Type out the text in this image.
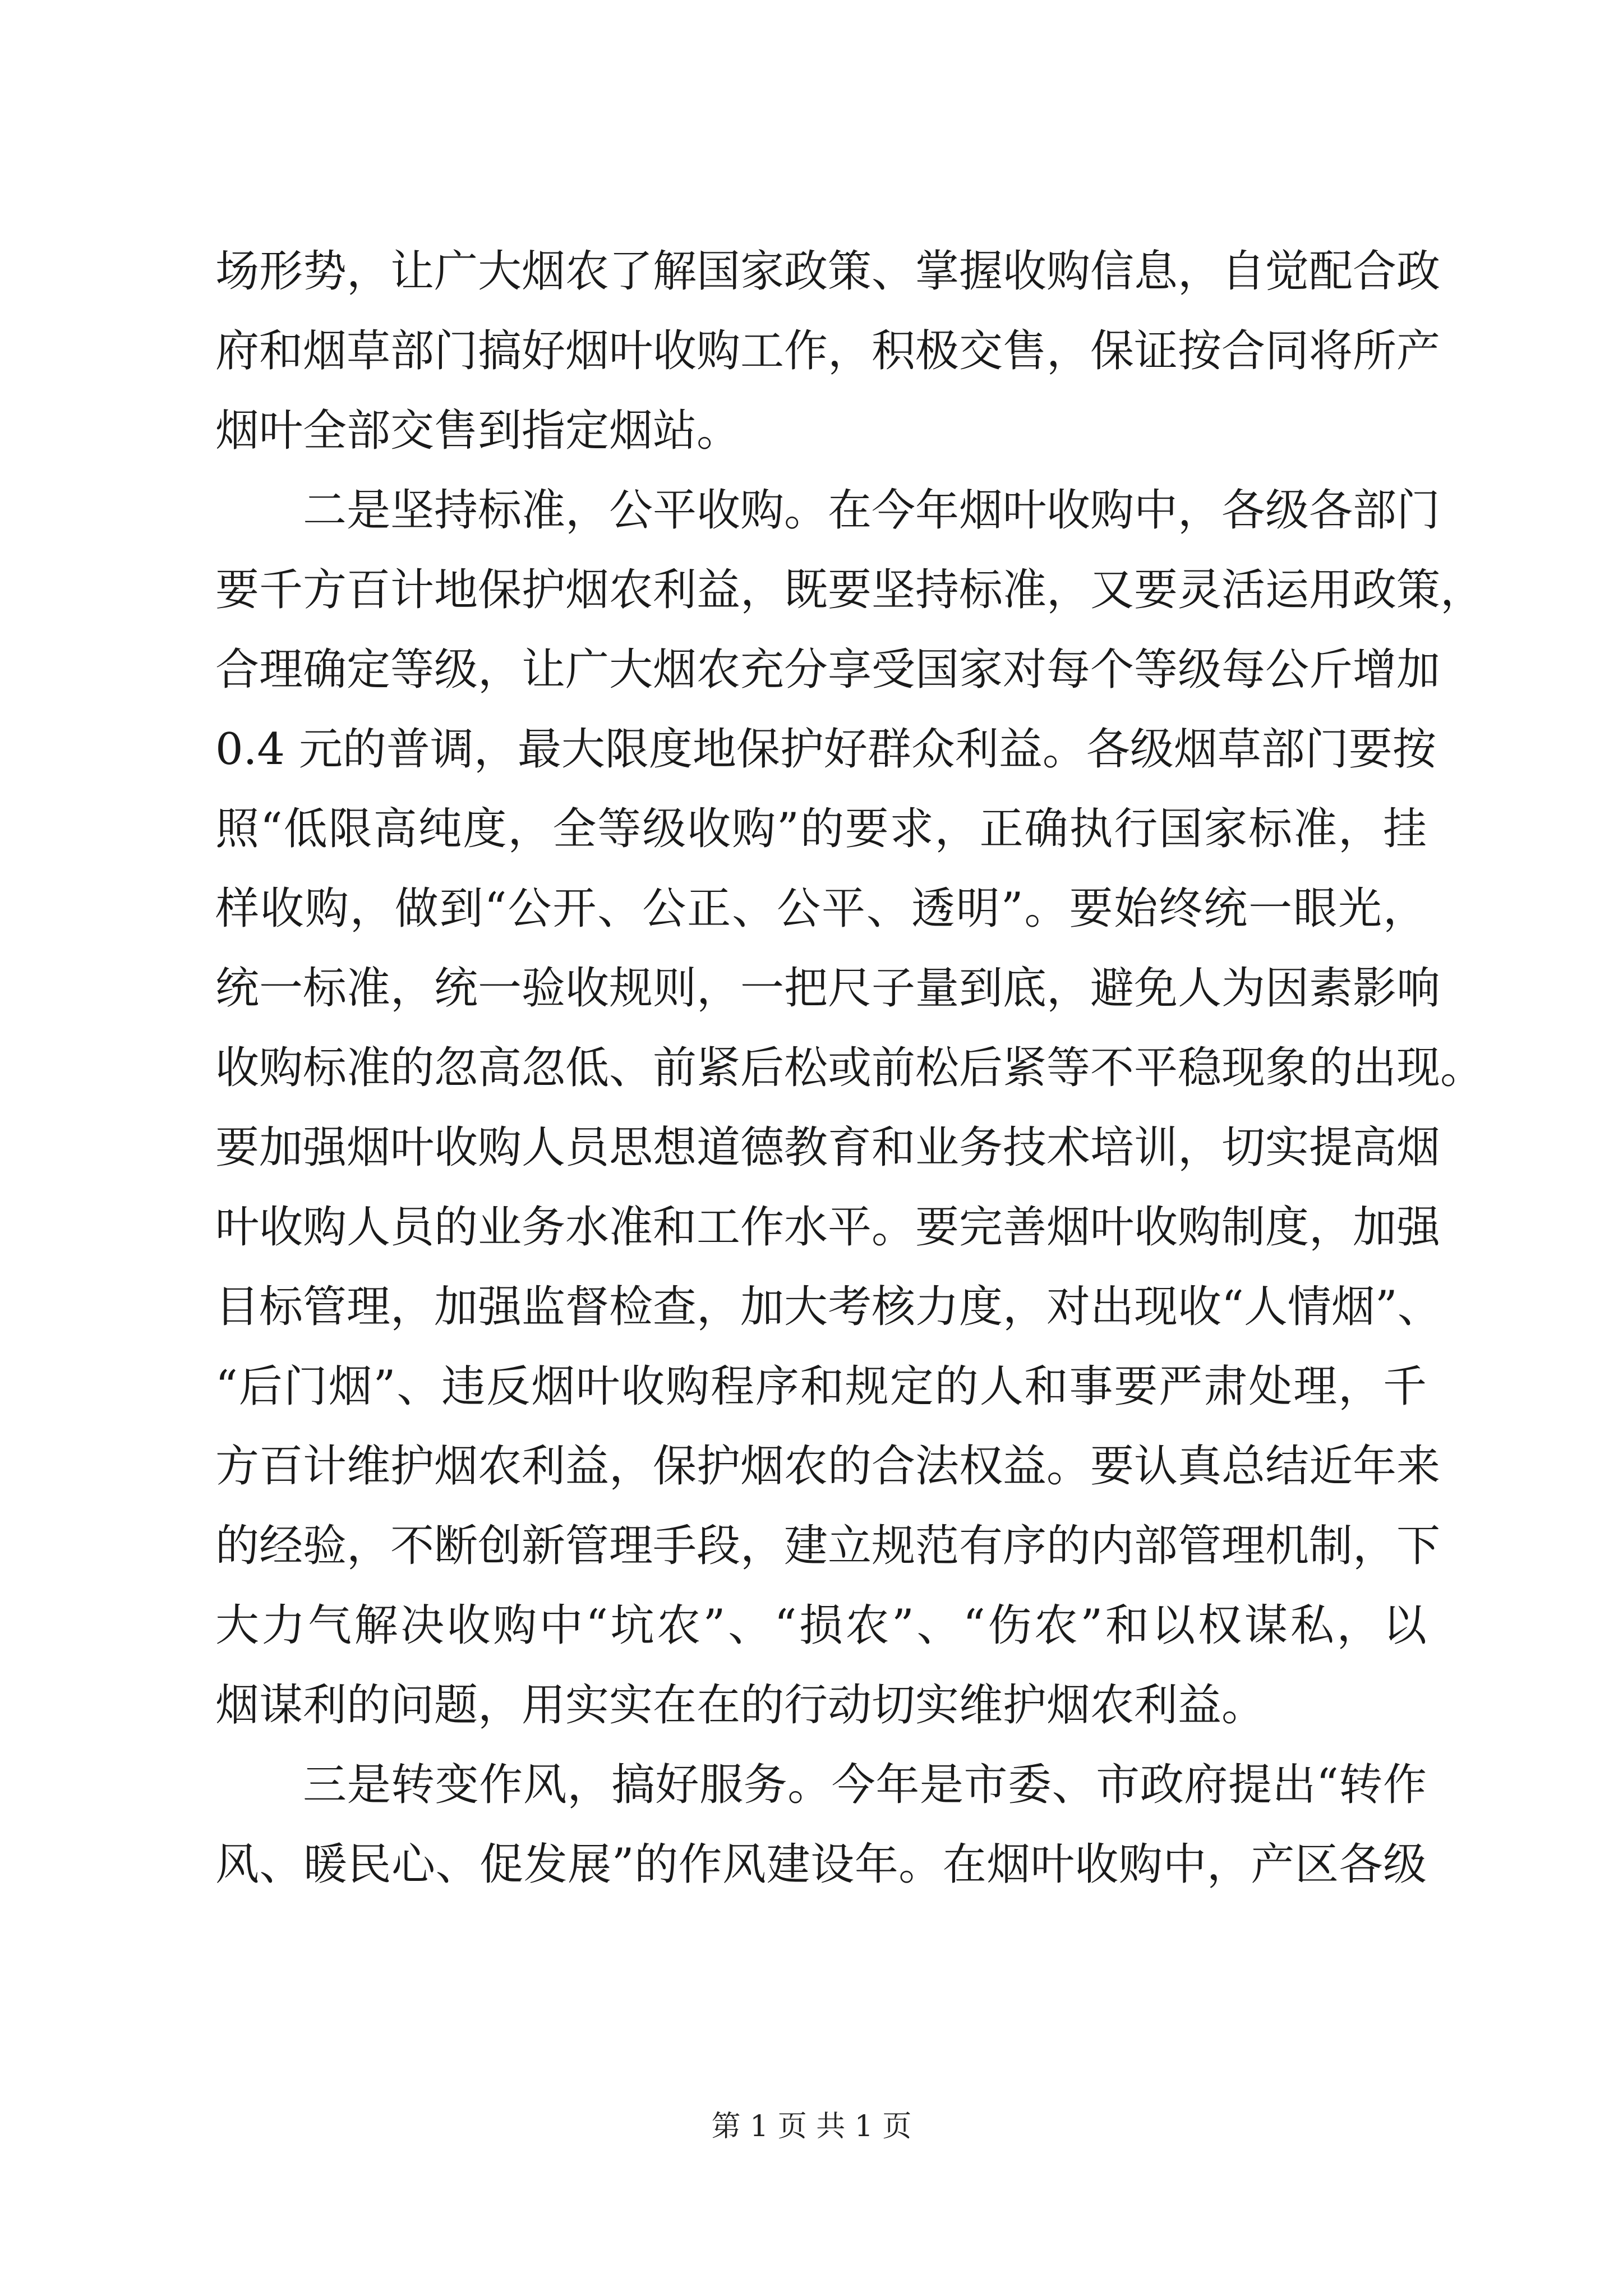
场形势，让广大烟农了解国家政策、掌握收购信息，自觉配合政
府和烟草部门搞好烟叶收购工作，积极交售，保证按合同将所产
烟叶全部交售到指定烟站。
二是坚持标准，公平收购。在今年烟叶收购中，各级各部门
要千方百计地保护烟农利益，既要坚持标准，又要灵活运用政策，
合理确定等级，让广大烟农充分享受国家对每个等级每公斤增加
0.4 元的普调，最大限度地保护好群众利益。各级烟草部门要按
照“低限高纯度，全等级收购”的要求，正确执行国家标准，挂
样收购，做到“公开、公正、公平、透明”。要始终统一眼光，
统一标准，统一验收规则，一把尺子量到底，避免人为因素影响
收购标准的忽高忽低、前紧后松或前松后紧等不平稳现象的出现。
要加强烟叶收购人员思想道德教育和业务技术培训，切实提高烟
叶收购人员的业务水准和工作水平。要完善烟叶收购制度，加强
目标管理，加强监督检查，加大考核力度，对出现收“人情烟”、
“后门烟”、违反烟叶收购程序和规定的人和事要严肃处理，千
方百计维护烟农利益，保护烟农的合法权益。要认真总结近年来
的经验，不断创新管理手段，建立规范有序的内部管理机制，下
大力气解决收购中“坑农”、“损农”、“伤农”和以权谋私，以
烟谋利的问题，用实实在在的行动切实维护烟农利益。
三是转变作风，搞好服务。今年是市委、市政府提出“转作
风、暖民心、促发展”的作风建设年。在烟叶收购中，产区各级
第 1 页 共 1 页
